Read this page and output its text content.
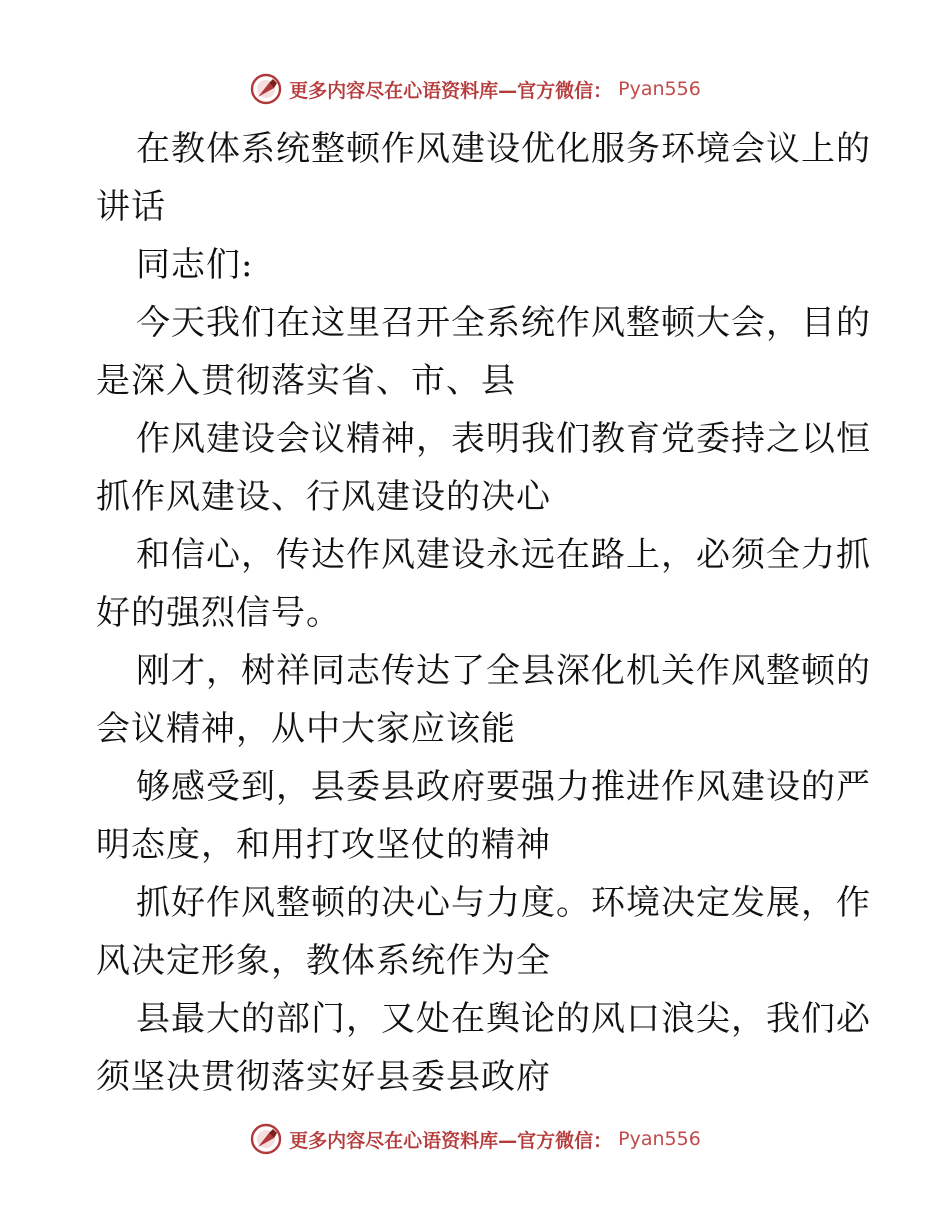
更多内容尽在心语资料库—官方微信： Pyan556
在教体系统整顿作风建设优化服务环境会议上的
讲话
同志们:
今天我们在这里召开全系统作风整顿大会，目的
是深入贯彻落实省、市、县
作风建设会议精神，表明我们教育党委持之以恒
抓作风建设、行风建设的决心
和信心，传达作风建设永远在路上，必须全力抓
好的强烈信号。
刚才，树祥同志传达了全县深化机关作风整顿的
会议精神，从中大家应该能
够感受到，县委县政府要强力推进作风建设的严
明态度，和用打攻坚仗的精神
抓好作风整顿的决心与力度。环境决定发展，作
风决定形象，教体系统作为全
县最大的部门，又处在舆论的风口浪尖，我们必
须坚决贯彻落实好县委县政府
更多内容尽在心语资料库—官方微信： Pyan556
